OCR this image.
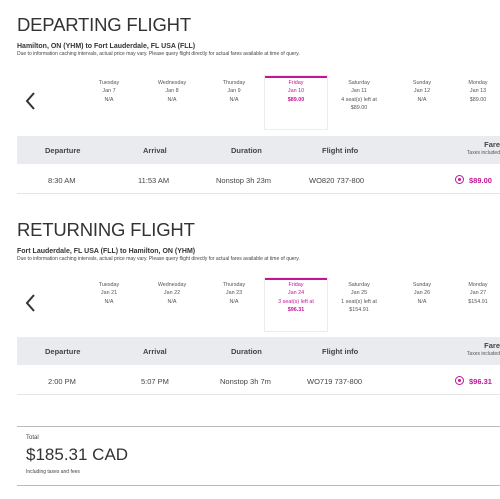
DEPARTING FLIGHT
Hamilton, ON (YHM) to Fort Lauderdale, FL USA (FLL)
Due to information caching intervals, actual price may vary. Please query flight directly for actual fares available at time of query.
Tuesday
Jan 7
N/A
Wednesday
Jan 8
N/A
Thursday
Jan 9
N/A
Friday
Jan 10
$89.00
Saturday
Jan 11
4 seat(s) left at
$89.00
Sunday
Jan 12
N/A
Monday
Jan 13
$89.00
Departure	Arrival	Duration	Flight info
Fare
Taxes included
8:30 AM	11:53 AM	Nonstop 3h 23m	WO820 737-800	$89.00
RETURNING FLIGHT
Fort Lauderdale, FL USA (FLL) to Hamilton, ON (YHM)
Due to information caching intervals, actual price may vary. Please query flight directly for actual fares available at time of query.
Tuesday
Jan 21
N/A
Wednesday
Jan 22
N/A
Thursday
Jan 23
N/A
Friday
Jan 24
3 seat(s) left at
$96.31
Saturday
Jan 25
1 seat(s) left at
$154.91
Sunday
Jan 26
N/A
Monday
Jan 27
$154.91
Departure	Arrival	Duration	Flight info
Fare
Taxes included
2:00 PM	5:07 PM	Nonstop 3h 7m	WO719 737-800	$96.31
Total
$185.31 CAD
Including taxes and fees
